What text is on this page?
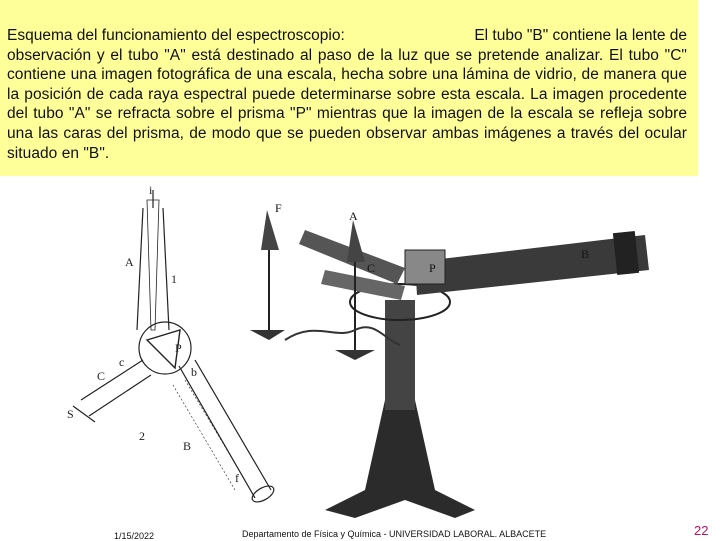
Esquema del funcionamiento del espectroscopio:	El tubo "B" contiene la lente de

observación y el tubo "A" está destinado al paso de la luz que se pretende analizar. El tubo "C" contiene una imagen fotográfica de una escala, hecha sobre una lámina de vidrio, de manera que la posición de cada raya espectral puede determinarse sobre esta escala. La imagen procedente del tubo "A" se refracta sobre el prisma "P" mientras que la imagen de la escala se refleja sobre una las caras del prisma, de modo que se pueden observar ambas imágenes a través del ocular situado en "B".

i
A
1
P
C
c
b
S
2
B
f
F
A
P
B
C
1/15/2022	Departamento de Física y Química - UNIVERSIDAD LABORAL. ALBACETE	22
